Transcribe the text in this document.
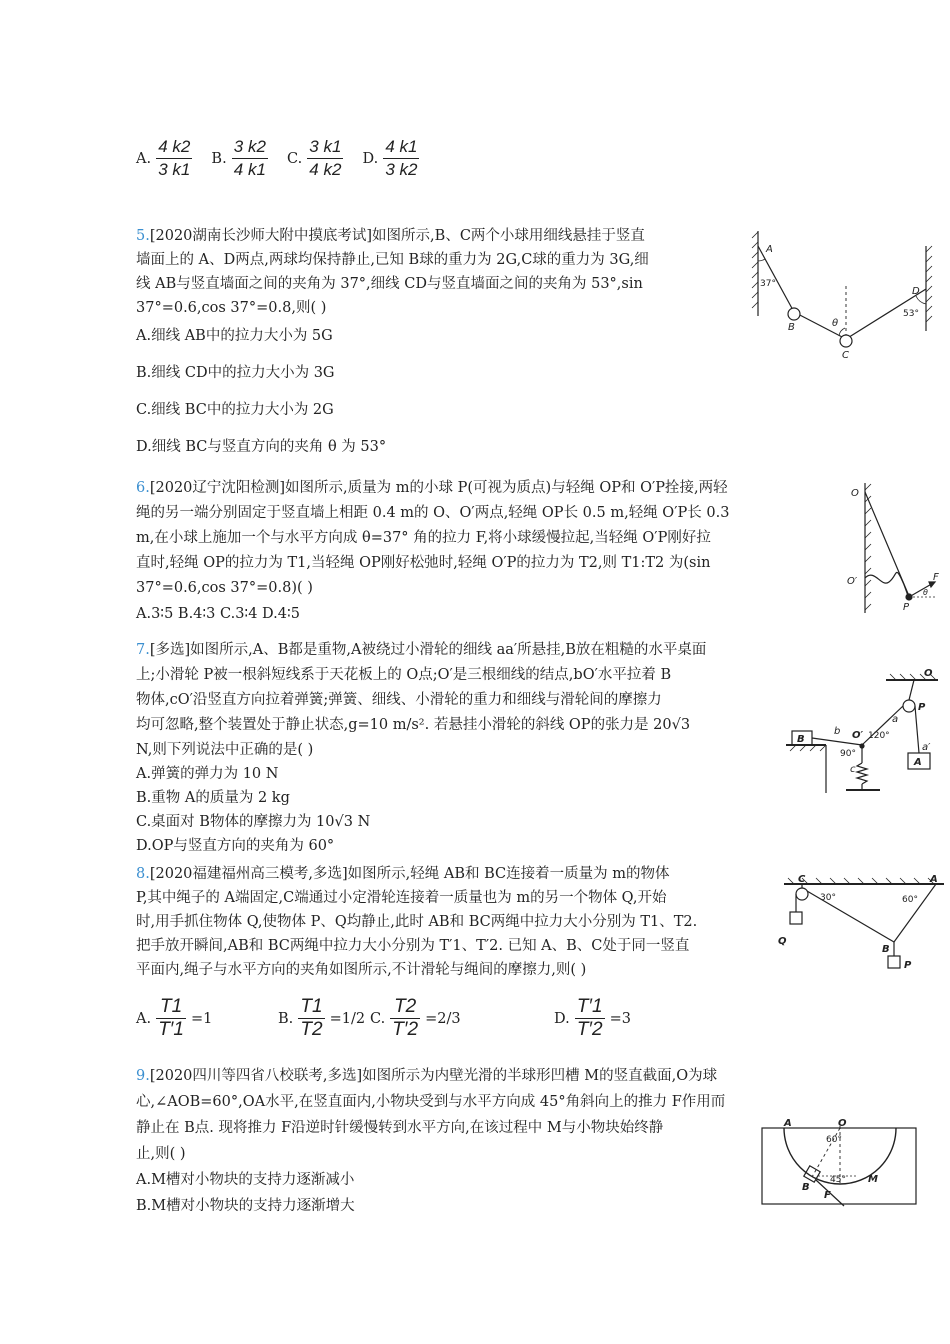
A. $\frac{4 k2}{3 k1} B$. $\frac{3 k2}{4 k1} C$. $\frac{3 k1}{4 k2} D$. $\frac{4 k1}{3 k2}$
5.[2020湖南长沙师大附中摸底考试]如图所示,B、C两个小球用细线悬挂于竖直
墙面上的 A、D两点,两球均保持静止,已知 B球的重力为 2G,C球的重力为 3G,细
线 AB与竖直墙面之间的夹角为 37°,细线 CD与竖直墙面之间的夹角为 53°,sin
37°=0.6,cos 37°=0.8,则( )
A.细线 AB中的拉力大小为 5G
B.细线 CD中的拉力大小为 3G
C.细线 BC中的拉力大小为 2G
D.细线 BC与竖直方向的夹角 θ 为 53°
A
37°
B	θ
C
D
53°
6.[2020辽宁沈阳检测]如图所示,质量为 m的小球 P(可视为质点)与轻绳 OP和 O′P拴接,两轻
绳的另一端分别固定于竖直墙上相距 0.4 m的 O、O′两点,轻绳 OP长 0.5 m,轻绳 O′P长 0.3
m,在小球上施加一个与水平方向成 θ=37° 角的拉力 F,将小球缓慢拉起,当轻绳 O′P刚好拉
直时,轻绳 OP的拉力为 T1,当轻绳 OP刚好松弛时,轻绳 O′P的拉力为 T2,则 T1:T2 为(sin
37°=0.6,cos 37°=0.8)( )
A.3∶5 B.4∶3 C.3∶4 D.4∶5
O
O′
P
F
θ
7.[多选]如图所示,A、B都是重物,A被绕过小滑轮的细线 aa′所悬挂,B放在粗糙的水平桌面
上;小滑轮 P被一根斜短线系于天花板上的 O点;O′是三根细线的结点,bO′水平拉着 B
物体,cO′沿竖直方向拉着弹簧;弹簧、细线、小滑轮的重力和细线与滑轮间的摩擦力
均可忽略,整个装置处于静止状态,g=10 m/s². 若悬挂小滑轮的斜线 OP的张力是 20√3
N,则下列说法中正确的是( )
A.弹簧的弹力为 10 N
B.重物 A的质量为 2 kg
C.桌面对 B物体的摩擦力为 10√3 N
D.OP与竖直方向的夹角为 60°
O
P
a
a′
A
B
b O′
c
90°
120°
8.[2020福建福州高三模考,多选]如图所示,轻绳 AB和 BC连接着一质量为 m的物体
P,其中绳子的 A端固定,C端通过小定滑轮连接着一质量也为 m的另一个物体 Q,开始
时,用手抓住物体 Q,使物体 P、Q均静止,此时 AB和 BC两绳中拉力大小分别为 T1、T2.
把手放开瞬间,AB和 BC两绳中拉力大小分别为 T′1、T′2. 已知 A、B、C处于同一竖直
平面内,绳子与水平方向的夹角如图所示,不计滑轮与绳间的摩擦力,则( )
A. $\frac{T1}{T'1} =1$	B. $\frac{T1}{T2} =1/2$ C. $\frac{T2}{T'2} =2/3$	D. $\frac{T'1}{T'2} =3$
C	A
30°	60°
B
P
Q
9.[2020四川等四省八校联考,多选]如图所示为内壁光滑的半球形凹槽 M的竖直截面,O为球
心,∠AOB=60°,OA水平,在竖直面内,小物块受到与水平方向成 45°角斜向上的推力 F作用而
静止在 B点. 现将推力 F沿逆时针缓慢转到水平方向,在该过程中 M与小物块始终静
止,则( )
A.M槽对小物块的支持力逐渐减小
B.M槽对小物块的支持力逐渐增大
A	O
60°
45°
B
F
M
